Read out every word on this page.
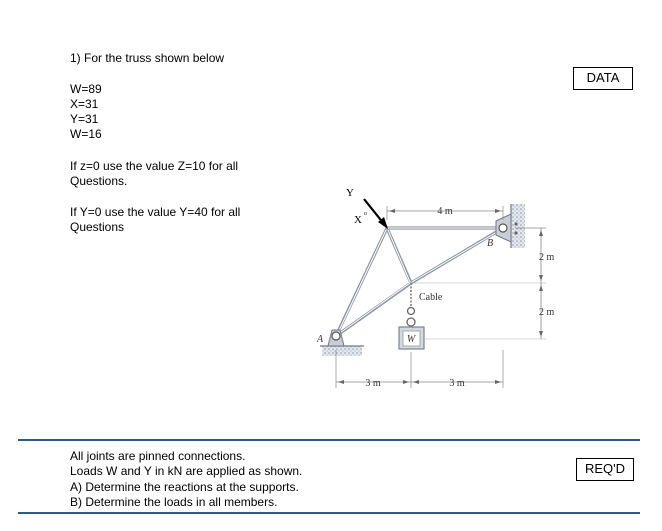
1) For the truss shown below
W=89
X=31
Y=31
W=16
If z=0 use the value Z=10 for all
Questions.
If Y=0 use the value Y=40 for all
Questions
DATA
Y
X o	4 m
3 m	3 m
2 m
2 m
A
B
Cable
W
All joints are pinned connections.
Loads W and Y in kN are applied as shown.
A) Determine the reactions at the supports.
B) Determine the loads in all members.
REQ'D
